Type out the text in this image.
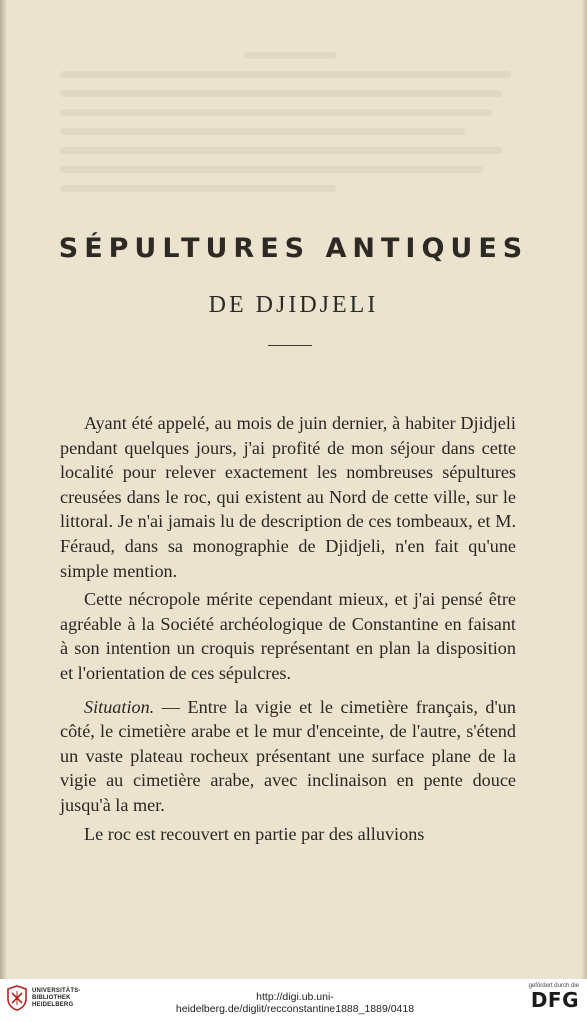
SÉPULTURES ANTIQUES
DE DJIDJELI

Ayant été appelé, au mois de juin dernier, à habiter Djidjeli pendant quelques jours, j'ai profité de mon séjour dans cette localité pour relever exactement les nombreuses sépultures creusées dans le roc, qui existent au Nord de cette ville, sur le littoral. Je n'ai jamais lu de description de ces tombeaux, et M. Féraud, dans sa monographie de Djidjeli, n'en fait qu'une simple mention.

Cette nécropole mérite cependant mieux, et j'ai pensé être agréable à la Société archéologique de Constantine en faisant à son intention un croquis représentant en plan la disposition et l'orientation de ces sépulcres.

Situation. — Entre la vigie et le cimetière français, d'un côté, le cimetière arabe et le mur d'enceinte, de l'autre, s'étend un vaste plateau rocheux présentant une surface plane de la vigie au cimetière arabe, avec inclinaison en pente douce jusqu'à la mer.

Le roc est recouvert en partie par des alluvions

UNIVERSITÄTS-
BIBLIOTHEK
HEIDELBERG
http://digi.ub.uni-heidelberg.de/diglit/recconstantine1888_1889/0418
gefördert durch die
DFG
